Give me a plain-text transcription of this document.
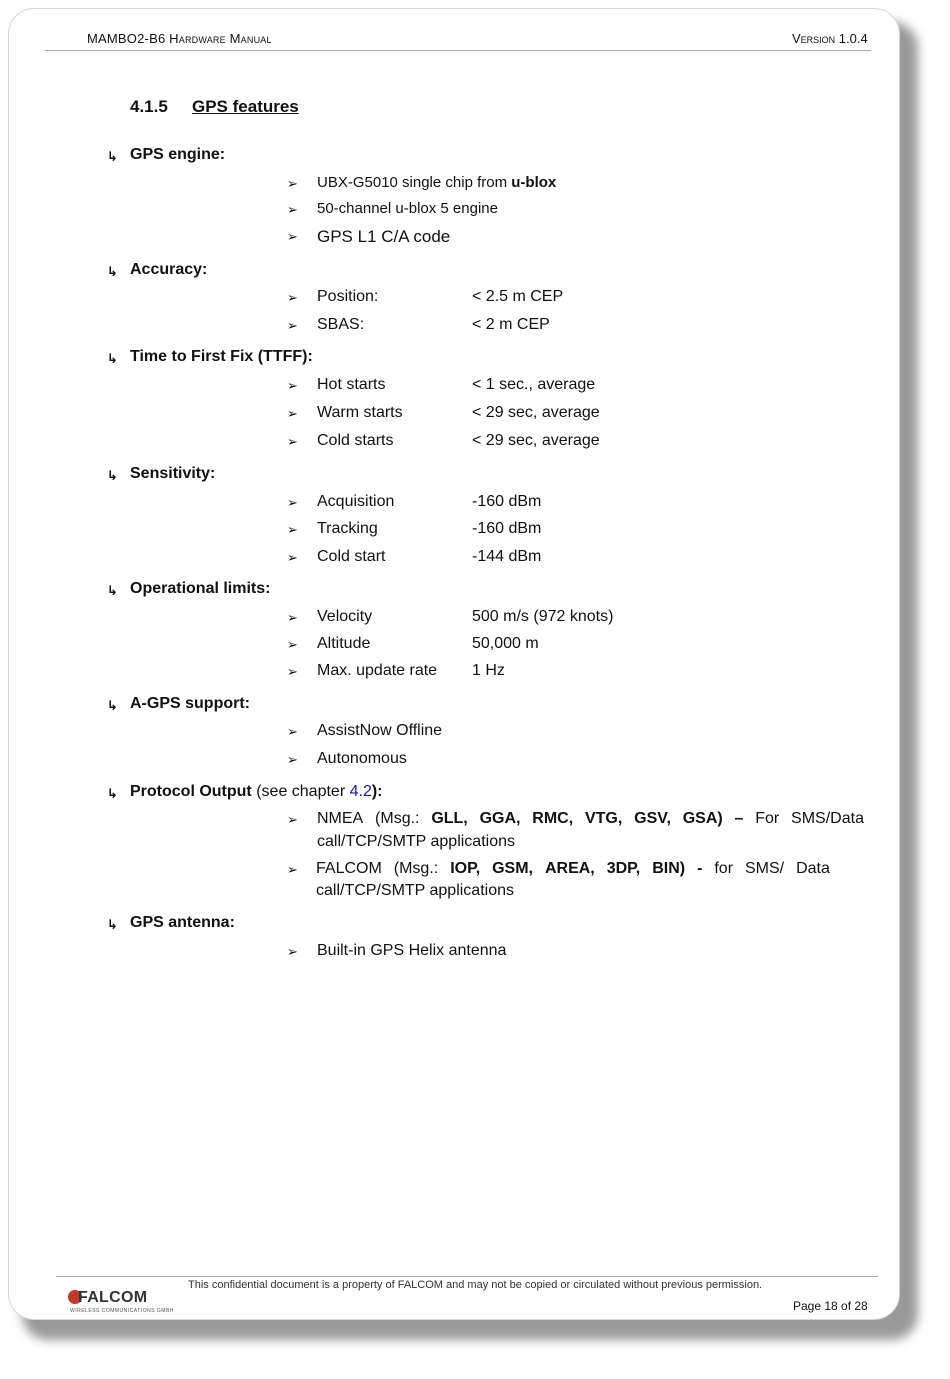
MAMBO2-B6 Hardware Manual	Version 1.0.4
4.1.5 GPS features
↳ GPS engine:
➢ UBX-G5010 single chip from u-blox
➢ 50-channel u-blox 5 engine
➢ GPS L1 C/A code
↳ Accuracy:
➢ Position:	< 2.5 m CEP
➢ SBAS:	< 2 m CEP
↳ Time to First Fix (TTFF):
➢ Hot starts	< 1 sec., average
➢ Warm starts	< 29 sec, average
➢ Cold starts	< 29 sec, average
↳ Sensitivity:
➢ Acquisition	-160 dBm
➢ Tracking	-160 dBm
➢ Cold start	-144 dBm
↳ Operational limits:
➢ Velocity	500 m/s (972 knots)
➢ Altitude	50,000 m
➢ Max. update rate 1 Hz
↳ A-GPS support:
➢ AssistNow Offline
➢ Autonomous
↳ Protocol Output (see chapter 4.2):
➢ NMEA (Msg.: GLL, GGA, RMC, VTG, GSV, GSA) – For SMS/Data
call/TCP/SMTP applications
➢ FALCOM (Msg.: IOP, GSM, AREA, 3DP, BIN) - for SMS/ Data
call/TCP/SMTP applications
↳ GPS antenna:
➢ Built-in GPS Helix antenna
This confidential document is a property of FALCOM and may not be copied or circulated without previous permission.
FALCOM
WIRELESS COMMUNICATIONS GMBH	Page 18 of 28
